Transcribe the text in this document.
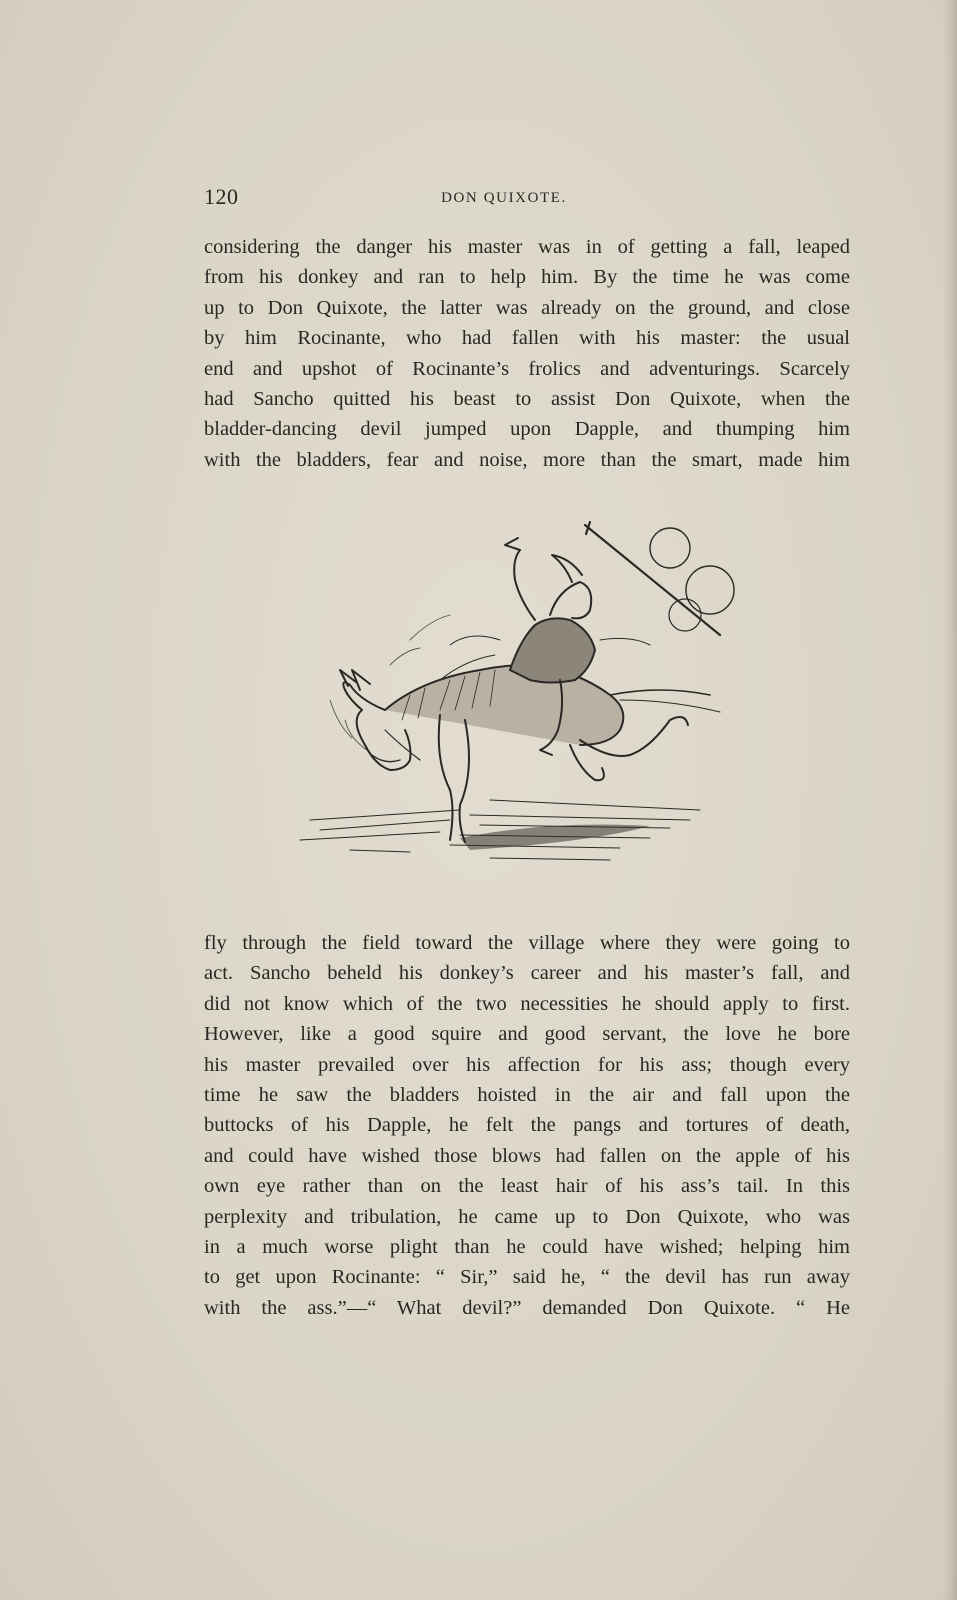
120	DON QUIXOTE.
considering the danger his master was in of getting a fall, leaped
from his donkey and ran to help him. By the time he was come
up to Don Quixote, the latter was already on the ground, and close
by him Rocinante, who had fallen with his master: the usual
end and upshot of Rocinante’s frolics and adventurings. Scarcely
had Sancho quitted his beast to assist Don Quixote, when the
bladder-dancing devil jumped upon Dapple, and thumping him
with the bladders, fear and noise, more than the smart, made him
fly through the field toward the village where they were going to
act. Sancho beheld his donkey’s career and his master’s fall, and
did not know which of the two necessities he should apply to first.
However, like a good squire and good servant, the love he bore
his master prevailed over his affection for his ass; though every
time he saw the bladders hoisted in the air and fall upon the
buttocks of his Dapple, he felt the pangs and tortures of death,
and could have wished those blows had fallen on the apple of his
own eye rather than on the least hair of his ass’s tail. In this
perplexity and tribulation, he came up to Don Quixote, who was
in a much worse plight than he could have wished; helping him
to get upon Rocinante: “ Sir,” said he, “ the devil has run away
with the ass.”—“ What devil?” demanded Don Quixote. “ He
